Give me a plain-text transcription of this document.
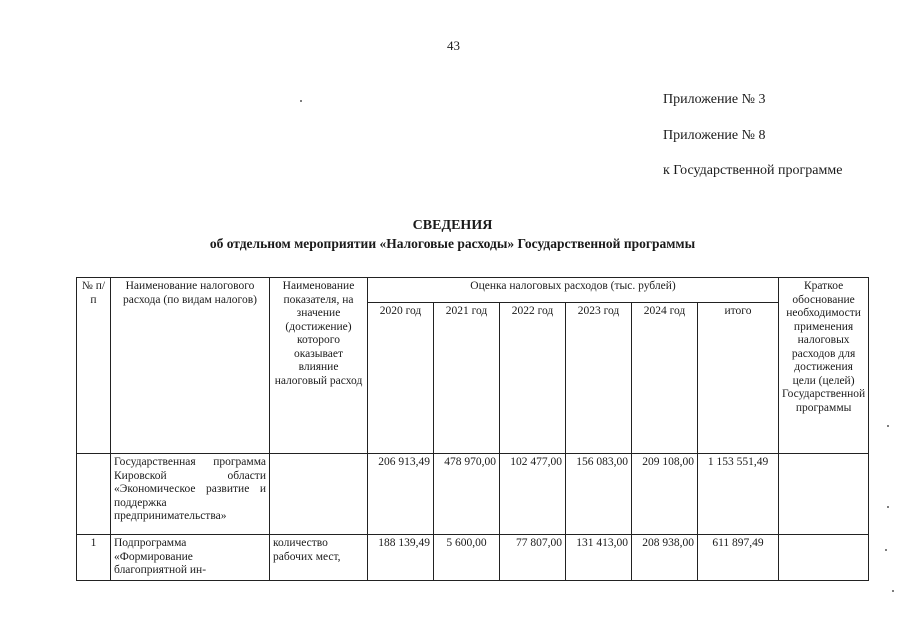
43
Приложение № 3
Приложение № 8
к Государственной программе
СВЕДЕНИЯ
об отдельном мероприятии «Налоговые расходы» Государственной программы
№ п/п	Наименование налогового расхода (по видам налогов)	Наименование показателя, на значение (достижение) которого оказывает влияние налоговый расход	Оценка налоговых расходов (тыс. рублей)						Краткое обоснование необходимости применения налоговых расходов для достижения цели (целей) Государственной программы
			2020 год	2021 год	2022 год	2023 год	2024 год	итого	
	Государственная программа Кировской области «Экономическое развитие и поддержка предпринимательства»		206 913,49	478 970,00	102 477,00	156 083,00	209 108,00	1 153 551,49	
1	Подпрограмма «Формирование благоприятной ин-	количество рабочих мест,	188 139,49	5 600,00	77 807,00	131 413,00	208 938,00	611 897,49	
